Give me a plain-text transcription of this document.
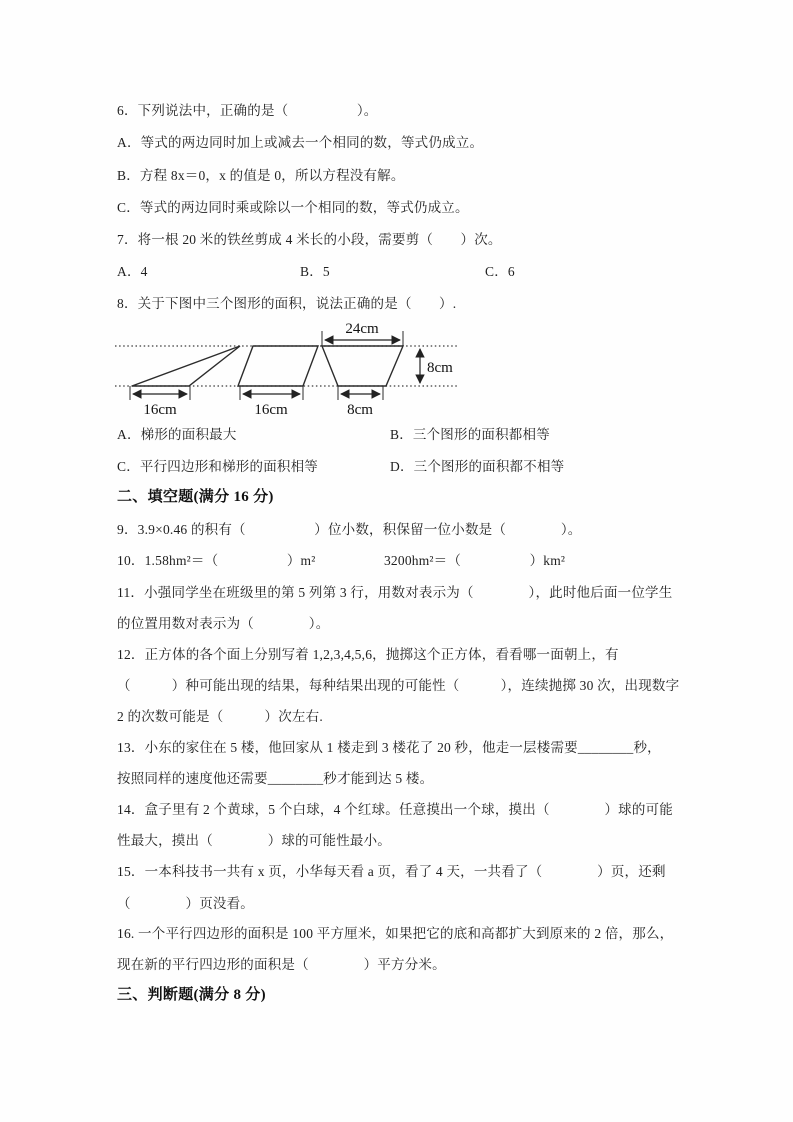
6．下列说法中，正确的是（　　　　　）。
A．等式的两边同时加上或减去一个相同的数，等式仍成立。
B．方程 8x＝0，x 的值是 0，所以方程没有解。
C．等式的两边同时乘或除以一个相同的数，等式仍成立。
7．将一根 20 米的铁丝剪成 4 米长的小段，需要剪（　　）次。
A．4	B．5	C．6
8．关于下图中三个图形的面积，说法正确的是（　　）.
24cm
8cm
16cm	16cm	8cm
A．梯形的面积最大	B．三个图形的面积都相等
C．平行四边形和梯形的面积相等	D．三个图形的面积都不相等
二、填空题(满分 16 分)
9．3.9×0.46 的积有（　　　　　）位小数，积保留一位小数是（　　　　）。
10．1.58hm²＝（　　　　　）m²　　　　　3200hm²＝（　　　　　）km²
11．小强同学坐在班级里的第 5 列第 3 行，用数对表示为（　　　　），此时他后面一位学生
的位置用数对表示为（　　　　）。
12．正方体的各个面上分别写着 1,2,3,4,5,6，抛掷这个正方体，看看哪一面朝上，有
（　　　）种可能出现的结果，每种结果出现的可能性（　　　），连续抛掷 30 次，出现数字
2 的次数可能是（　　　）次左右.
13．小东的家住在 5 楼，他回家从 1 楼走到 3 楼花了 20 秒，他走一层楼需要________秒，
按照同样的速度他还需要________秒才能到达 5 楼。
14．盒子里有 2 个黄球，5 个白球，4 个红球。任意摸出一个球，摸出（　　　　）球的可能
性最大，摸出（　　　　）球的可能性最小。
15．一本科技书一共有 x 页，小华每天看 a 页，看了 4 天，一共看了（　　　　）页，还剩
（　　　　）页没看。
16. 一个平行四边形的面积是 100 平方厘米，如果把它的底和高都扩大到原来的 2 倍，那么，
现在新的平行四边形的面积是（　　　　）平方分米。
三、判断题(满分 8 分)
